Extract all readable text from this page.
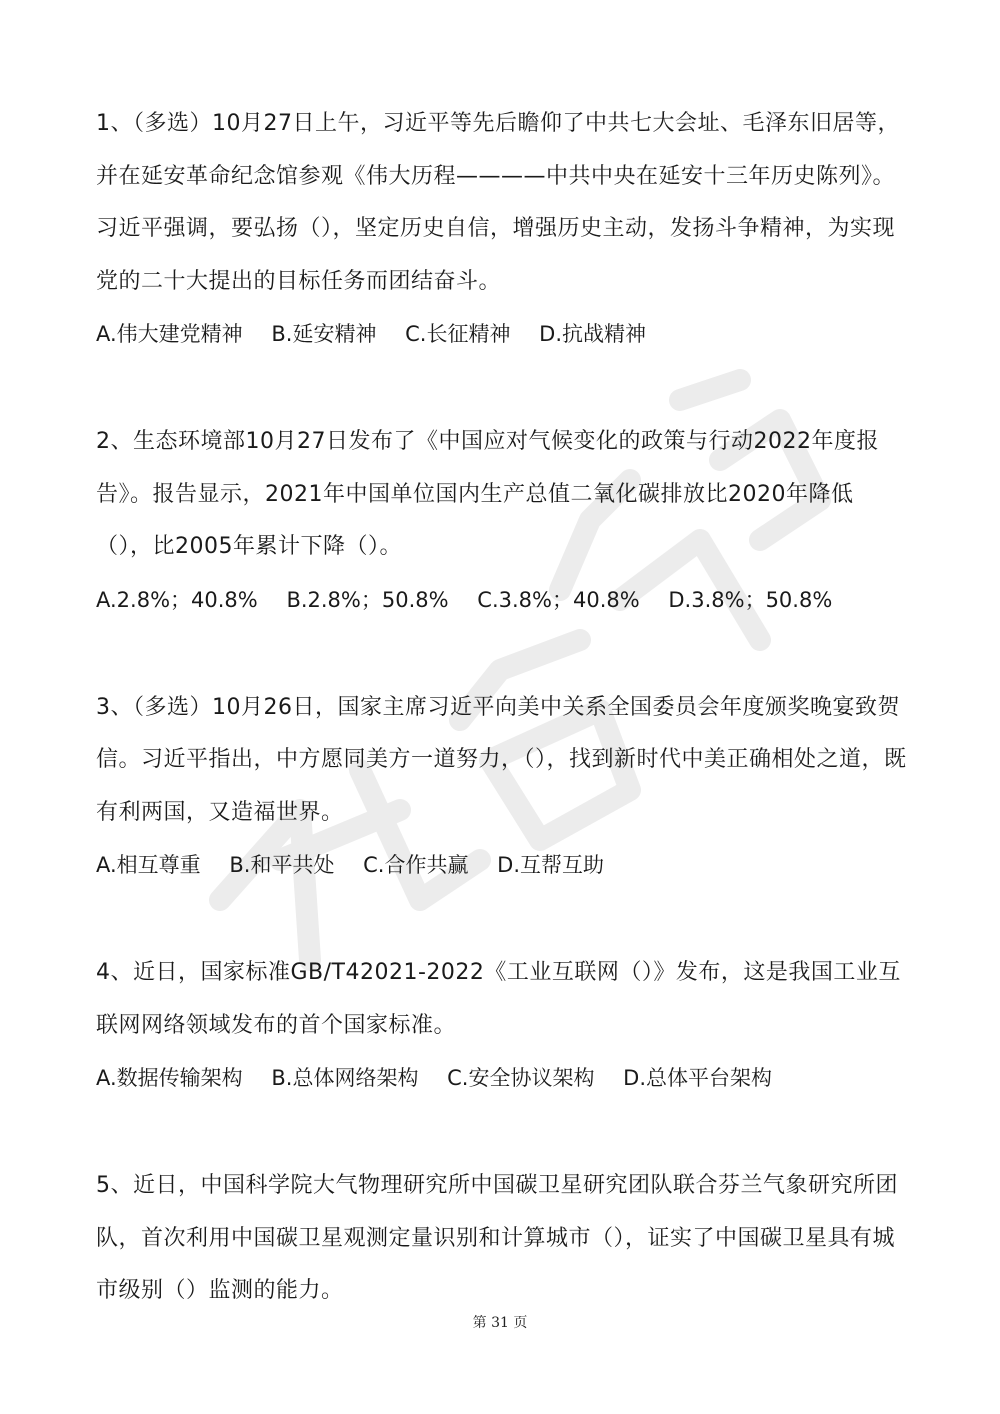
1、（多选）10月27日上午，习近平等先后瞻仰了中共七大会址、毛泽东旧居等，并在延安革命纪念馆参观《伟大历程————中共中央在延安十三年历史陈列》。习近平强调，要弘扬（），坚定历史自信，增强历史主动，发扬斗争精神，为实现党的二十大提出的目标任务而团结奋斗。

A.伟大建党精神 B.延安精神 C.长征精神 D.抗战精神

2、生态环境部10月27日发布了《中国应对气候变化的政策与行动2022年度报告》。报告显示，2021年中国单位国内生产总值二氧化碳排放比2020年降低（），比2005年累计下降（）。

A.2.8%；40.8% B.2.8%；50.8% C.3.8%；40.8% D.3.8%；50.8%

3、（多选）10月26日，国家主席习近平向美中关系全国委员会年度颁奖晚宴致贺信。习近平指出，中方愿同美方一道努力，（），找到新时代中美正确相处之道，既有利两国，又造福世界。

A.相互尊重 B.和平共处 C.合作共赢 D.互帮互助

4、近日，国家标准GB/T42021-2022《工业互联网（）》发布，这是我国工业互联网网络领域发布的首个国家标准。

A.数据传输架构 B.总体网络架构 C.安全协议架构 D.总体平台架构

5、近日，中国科学院大气物理研究所中国碳卫星研究团队联合芬兰气象研究所团队，首次利用中国碳卫星观测定量识别和计算城市（），证实了中国碳卫星具有城市级别（）监测的能力。

第 31 页
